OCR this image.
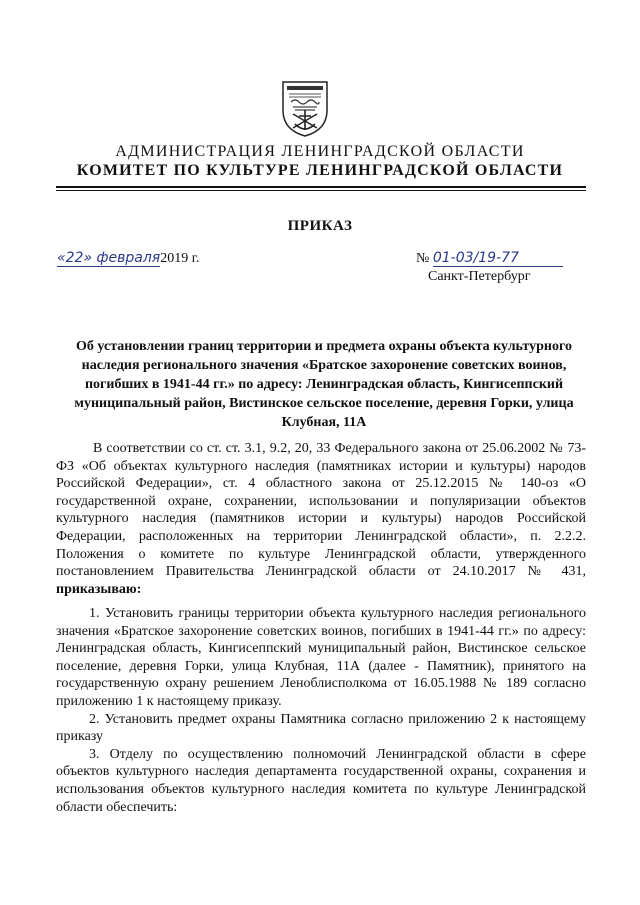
АДМИНИСТРАЦИЯ ЛЕНИНГРАДСКОЙ ОБЛАСТИ
КОМИТЕТ ПО КУЛЬТУРЕ ЛЕНИНГРАДСКОЙ ОБЛАСТИ
ПРИКАЗ
«22» февраля2019 г.	№ 01-03/19-77
Санкт-Петербург
Об установлении границ территории и предмета охраны объекта культурного наследия регионального значения «Братское захоронение советских воинов, погибших в 1941-44 гг.» по адресу: Ленинградская область, Кингисеппский муниципальный район, Вистинское сельское поселение, деревня Горки, улица Клубная, 11А
В соответствии со ст. ст. 3.1, 9.2, 20, 33 Федерального закона от 25.06.2002 № 73-ФЗ «Об объектах культурного наследия (памятниках истории и культуры) народов Российской Федерации», ст. 4 областного закона от 25.12.2015 № 140-оз «О государственной охране, сохранении, использовании и популяризации объектов культурного наследия (памятников истории и культуры) народов Российской Федерации, расположенных на территории Ленинградской области», п. 2.2.2. Положения о комитете по культуре Ленинградской области, утвержденного постановлением Правительства Ленинградской области от 24.10.2017 № 431, приказываю:

1. Установить границы территории объекта культурного наследия регионального значения «Братское захоронение советских воинов, погибших в 1941-44 гг.» по адресу: Ленинградская область, Кингисеппский муниципальный район, Вистинское сельское поселение, деревня Горки, улица Клубная, 11А (далее - Памятник), принятого на государственную охрану решением Леноблисполкома от 16.05.1988 № 189 согласно приложению 1 к настоящему приказу.

2. Установить предмет охраны Памятника согласно приложению 2 к настоящему приказу

3. Отделу по осуществлению полномочий Ленинградской области в сфере объектов культурного наследия департамента государственной охраны, сохранения и использования объектов культурного наследия комитета по культуре Ленинградской области обеспечить:
